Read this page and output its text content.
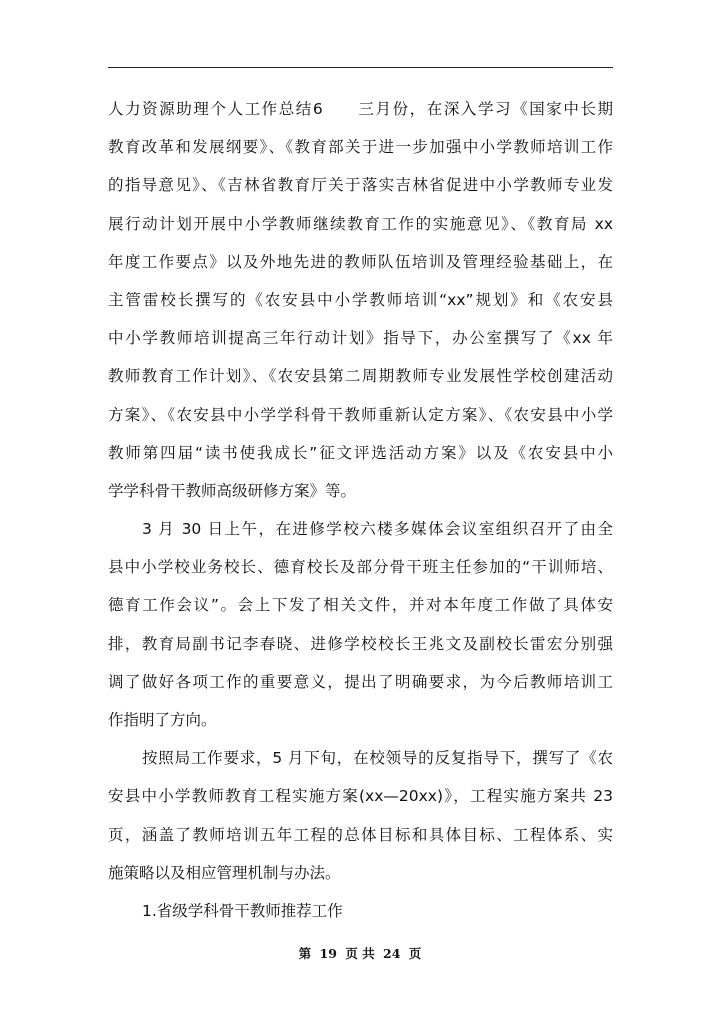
人力资源助理个人工作总结6　　三月份，在深入学习《国家中长期
教育改革和发展纲要》、《教育部关于进一步加强中小学教师培训工作
的指导意见》、《吉林省教育厅关于落实吉林省促进中小学教师专业发
展行动计划开展中小学教师继续教育工作的实施意见》、《教育局 xx
年度工作要点》以及外地先进的教师队伍培训及管理经验基础上，在
主管雷校长撰写的《农安县中小学教师培训“xx”规划》和《农安县
中小学教师培训提高三年行动计划》指导下，办公室撰写了《xx 年
教师教育工作计划》、《农安县第二周期教师专业发展性学校创建活动
方案》、《农安县中小学学科骨干教师重新认定方案》、《农安县中小学
教师第四届“读书使我成长”征文评选活动方案》以及《农安县中小
学学科骨干教师高级研修方案》等。
3 月 30 日上午，在进修学校六楼多媒体会议室组织召开了由全
县中小学校业务校长、德育校长及部分骨干班主任参加的“干训师培、
德育工作会议”。会上下发了相关文件，并对本年度工作做了具体安
排，教育局副书记李春晓、进修学校校长王兆文及副校长雷宏分别强
调了做好各项工作的重要意义，提出了明确要求，为今后教师培训工
作指明了方向。
按照局工作要求，5 月下旬，在校领导的反复指导下，撰写了《农
安县中小学教师教育工程实施方案(xx—20xx)》，工程实施方案共 23
页，涵盖了教师培训五年工程的总体目标和具体目标、工程体系、实
施策略以及相应管理机制与办法。
1.省级学科骨干教师推荐工作
第 19 页 共 24 页
